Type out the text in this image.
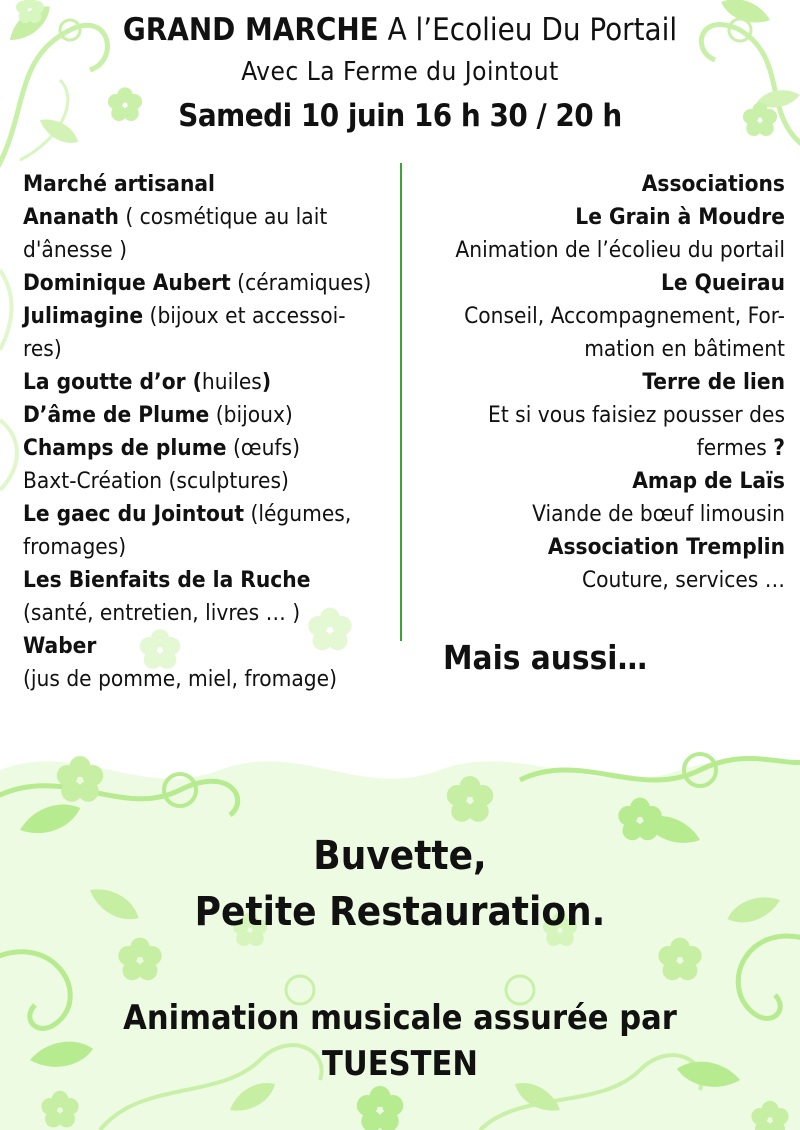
GRAND MARCHE A l’Ecolieu Du Portail
Avec La Ferme du Jointout
Samedi 10 juin 16 h 30 / 20 h
Marché artisanal
Ananath ( cosmétique au lait
d'ânesse )
Dominique Aubert (céramiques)
Julimagine (bijoux et accessoi-
res)
La goutte d’or (huiles)
D’âme de Plume (bijoux)
Champs de plume (œufs)
Baxt-Création (sculptures)
Le gaec du Jointout (légumes,
fromages)
Les Bienfaits de la Ruche
(santé, entretien, livres … )
Waber
(jus de pomme, miel, fromage)
Associations
Le Grain à Moudre
Animation de l’écolieu du portail
Le Queirau
Conseil, Accompagnement, For-
mation en bâtiment
Terre de lien
Et si vous faisiez pousser des
fermes ?
Amap de Laïs
Viande de bœuf limousin
Association Tremplin
Couture, services …
Mais aussi…
Buvette,
Petite Restauration.
Animation musicale assurée par
TUESTEN
